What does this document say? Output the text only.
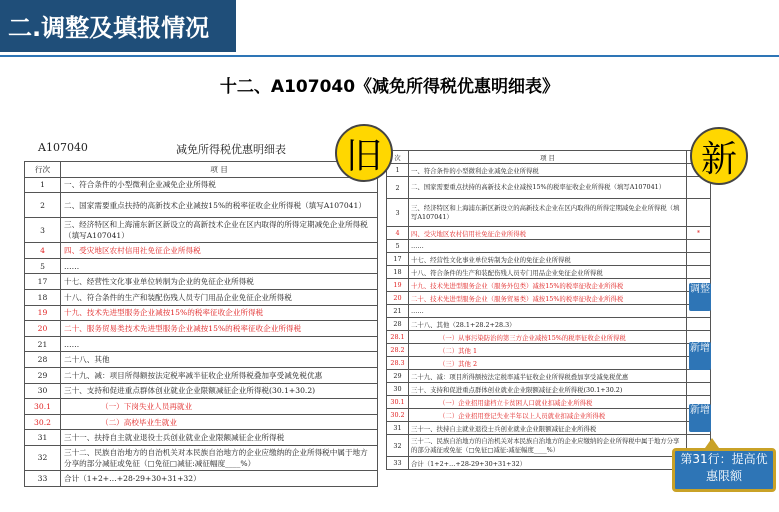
二.调整及填报情况
十二、A107040《减免所得税优惠明细表》
A107040	减免所得税优惠明细表
行次	项 目
1	一、符合条件的小型微利企业减免企业所得税
2	二、国家需要重点扶持的高新技术企业减按15%的税率征收企业所得税（填写A107041）
3	三、经济特区和上海浦东新区新设立的高新技术企业在区内取得的所得定期减免企业所得税（填写A107041）
4	四、受灾地区农村信用社免征企业所得税
5	……
17	十七、经营性文化事业单位转制为企业的免征企业所得税
18	十八、符合条件的生产和装配伤残人员专门用品企业免征企业所得税
19	十九、技术先进型服务企业减按15%的税率征收企业所得税
20	二十、服务贸易类技术先进型服务企业减按15%的税率征收企业所得税
21	……
28	二十八、其他
29	二十九、减：项目所得额按法定税率减半征收企业所得税叠加享受减免税优惠
30	三十、支持和促进重点群体创业就业企业限额减征企业所得税(30.1+30.2)
30.1	（一）下岗失业人员再就业
30.2	（二）高校毕业生就业
31	三十一、扶持自主就业退役士兵创业就业企业限额减征企业所得税
32	三十二、民族自治地方的自治机关对本民族自治地方的企业应缴纳的企业所得税中属于地方分享的部分减征或免征（□免征□减征:减征幅度____%）
33	合计（1+2+…+28-29+30+31+32）
次	项 目	
1	一、符合条件的小型微利企业减免企业所得税	
2	二、国家需要重点扶持的高新技术企业减按15%的税率征收企业所得税（填写A107041）	
3	三、经济特区和上海浦东新区新设立的高新技术企业在区内取得的所得定期减免企业所得税（填写A107041）	
4	四、受灾地区农村信用社免征企业所得税	*
5	……	
17	十七、经营性文化事业单位转制为企业的免征企业所得税	
18	十八、符合条件的生产和装配伤残人员专门用品企业免征企业所得税	
19	十九、技术先进型服务企业（服务外包类）减按15%的税率征收企业所得税	
20	二十、技术先进型服务企业（服务贸易类）减按15%的税率征收企业所得税	
21	……	
28	二十八、其他（28.1+28.2+28.3）	
28.1	（一）从事污染防治的第三方企业减按15%的税率征收企业所得税	
28.2	（二）其他 1	
28.3	（三）其他 2	
29	二十九、减：项目所得额按法定税率减半征收企业所得税叠加享受减免税优惠	
30	三十、支持和促进重点群体创业就业企业限额减征企业所得税(30.1+30.2)	
30.1	（一）企业招用建档立卡贫困人口就业扣减企业所得税	
30.2	（二）企业招用登记失业半年以上人员就业扣减企业所得税	
31	三十一、扶持自主就业退役士兵创业就业企业限额减征企业所得税	
32	三十二、民族自治地方的自治机关对本民族自治地方的企业应缴纳的企业所得税中属于地方分享的部分减征或免征（□免征□减征:减征幅度____%）	
33	合计（1+2+…+28-29+30+31+32）	
旧	新
调整
新增
新增
第31行：提高优惠限额
